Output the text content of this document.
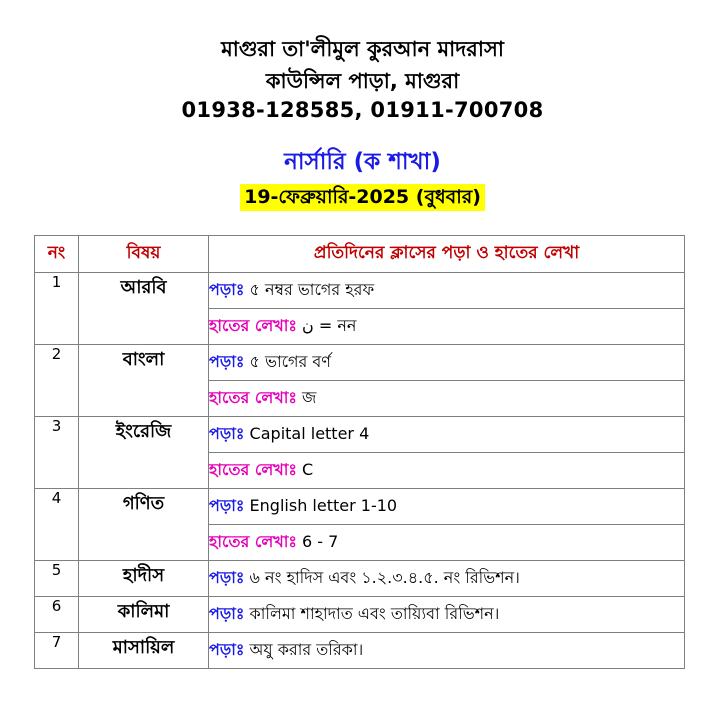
মাগুরা তা'লীমুল কুরআন মাদরাসা
কাউন্সিল পাড়া, মাগুরা
01938-128585, 01911-700708
নার্সারি (ক শাখা)
19-ফেব্রুয়ারি-2025 (বুধবার)
নং	বিষয়	প্রতিদিনের ক্লাসের পড়া ও হাতের লেখা
1	আরবি	পড়াঃ ৫ নম্বর ভাগের হরফ
		হাতের লেখাঃ ن = নন
2	বাংলা	পড়াঃ ৫ ভাগের বর্ণ
		হাতের লেখাঃ জ
3	ইংরেজি	পড়াঃ Capital letter 4
		হাতের লেখাঃ C
4	গণিত	পড়াঃ English letter 1-10
		হাতের লেখাঃ 6 - 7
5	হাদীস	পড়াঃ ৬ নং হাদিস এবং ১.২.৩.৪.৫. নং রিভিশন।
6	কালিমা	পড়াঃ কালিমা শাহাদাত এবং তায়্যিবা রিভিশন।
7	মাসায়িল	পড়াঃ অযু করার তরিকা।
